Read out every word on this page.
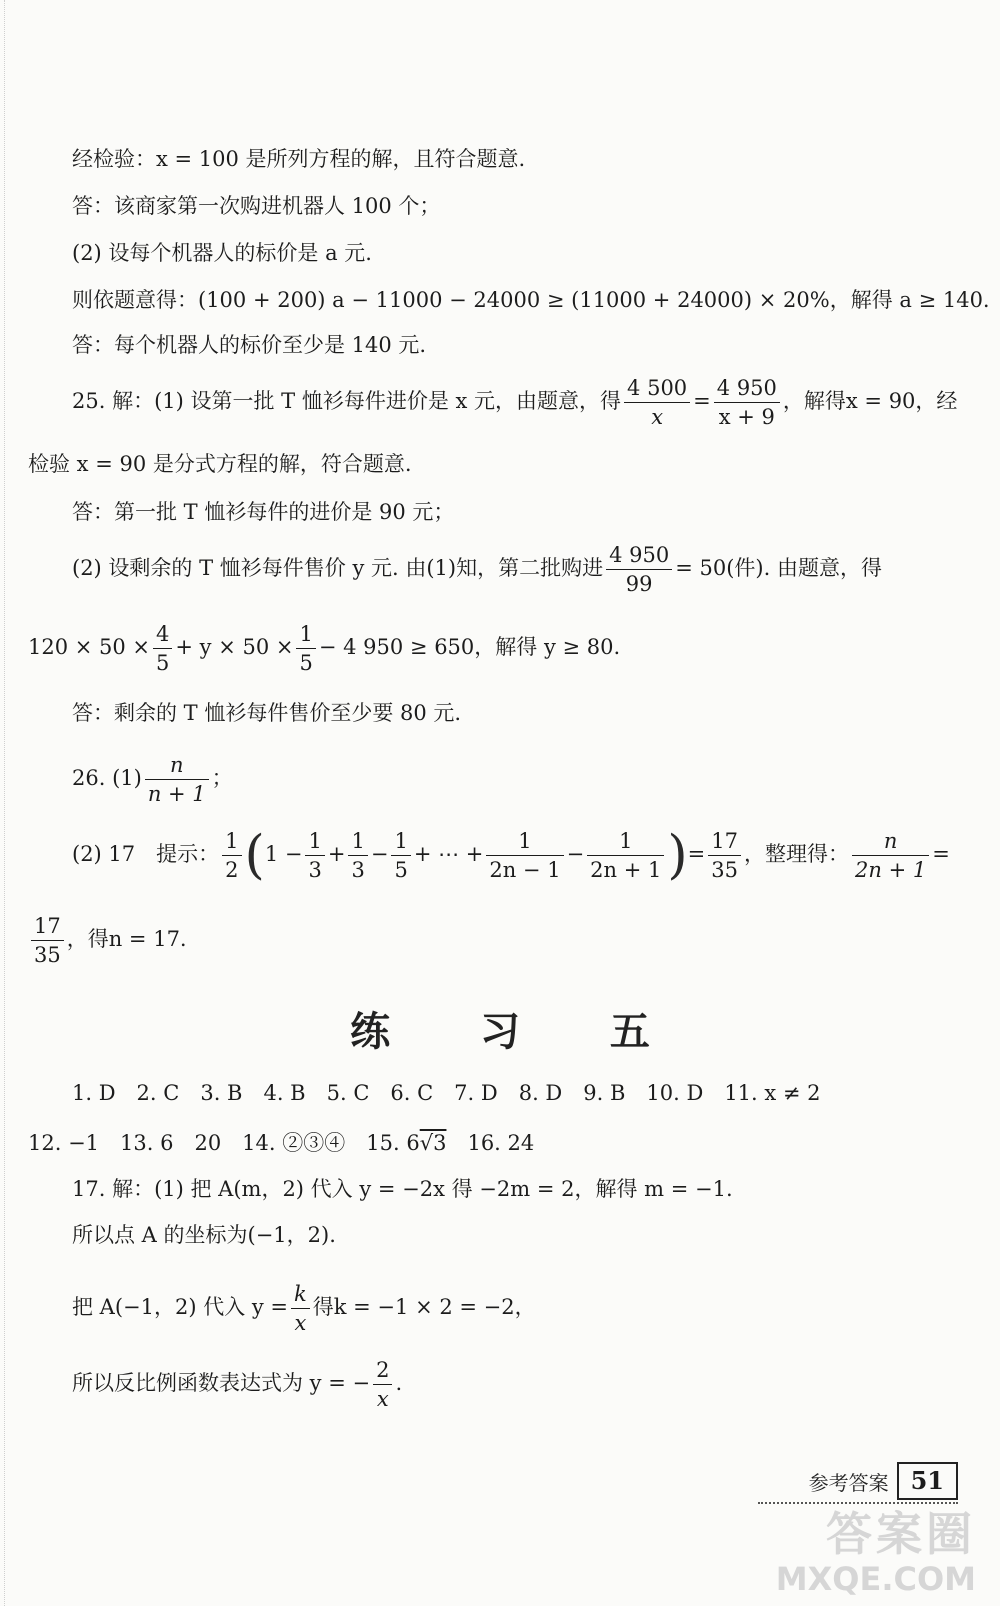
经检验：x = 100 是所列方程的解，且符合题意.
答：该商家第一次购进机器人 100 个；
(2) 设每个机器人的标价是 a 元.
则依题意得：(100 + 200) a − 11000 − 24000 ≥ (11000 + 24000) × 20%，解得 a ≥ 140.
答：每个机器人的标价至少是 140 元.
25. 解：(1) 设第一批 T 恤衫每件进价是 x 元，由题意，得 $\frac{4 500}{x} = \frac{4 950}{x + 9}$ ，解得x = 90，经
检验 x = 90 是分式方程的解，符合题意.
答：第一批 T 恤衫每件的进价是 90 元；
(2) 设剩余的 T 恤衫每件售价 y 元. 由(1)知，第二批购进 $\frac{4 950}{99} = 50$(件). 由题意，得
$120 \times 50 \times \frac{4}{5} + y \times 50 \times \frac{1}{5} - 4$ 950 ≥ 650，解得 y ≥ 80.
答：剩余的 T 恤衫每件售价至少要 80 元.
26. $(1) \frac{n}{n + 1}$ ；
(2) 17　提示： $\frac{1}{2} (1 - \frac{1}{3} + \frac{1}{3} - \frac{1}{5}$ + ⋯ + $\frac{1}{2n - 1} - \frac{1}{2n + 1}$ )= $\frac{17}{35}$ ，整理得： $\frac{n}{2n + 1}$ =
$\frac{17}{35}$ ，得n = 17.
练 习 五
1. D　2. C　3. B　4. B　5. C　6. C　7. D　8. D　9. B　10. D　11. x ≠ 2
12. −1　13. 6　20　14. ②③④　15. 6√3　16. 24
17. 解：(1) 把 A(m，2) 代入 y = −2x 得 −2m = 2，解得 m = −1.
所以点 A 的坐标为(−1，2).
把 A(−1，2) 代入 $y = \frac{k}{x}$ 得k = −1 × 2 = −2，
所以反比例函数表达式为 y = − $\frac{2}{x}$ .
参考答案 51
答案圈
MXQE.COM
